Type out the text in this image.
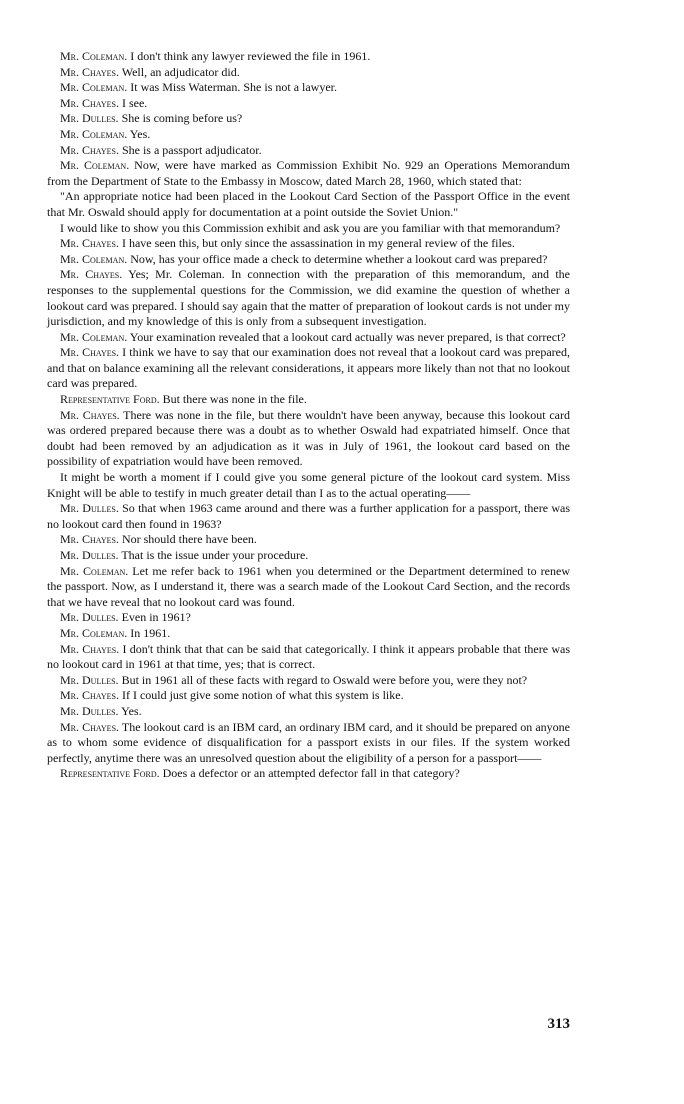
Mr. Coleman. I don't think any lawyer reviewed the file in 1961.

Mr. Chayes. Well, an adjudicator did.

Mr. Coleman. It was Miss Waterman. She is not a lawyer.

Mr. Chayes. I see.

Mr. Dulles. She is coming before us?

Mr. Coleman. Yes.

Mr. Chayes. She is a passport adjudicator.

Mr. Coleman. Now, were have marked as Commission Exhibit No. 929 an Operations Memorandum from the Department of State to the Embassy in Moscow, dated March 28, 1960, which stated that:

"An appropriate notice had been placed in the Lookout Card Section of the Passport Office in the event that Mr. Oswald should apply for documentation at a point outside the Soviet Union."

I would like to show you this Commission exhibit and ask you are you familiar with that memorandum?

Mr. Chayes. I have seen this, but only since the assassination in my general review of the files.

Mr. Coleman. Now, has your office made a check to determine whether a lookout card was prepared?

Mr. Chayes. Yes; Mr. Coleman. In connection with the preparation of this memorandum, and the responses to the supplemental questions for the Commission, we did examine the question of whether a lookout card was prepared. I should say again that the matter of preparation of lookout cards is not under my jurisdiction, and my knowledge of this is only from a subsequent investigation.

Mr. Coleman. Your examination revealed that a lookout card actually was never prepared, is that correct?

Mr. Chayes. I think we have to say that our examination does not reveal that a lookout card was prepared, and that on balance examining all the relevant considerations, it appears more likely than not that no lookout card was prepared.

Representative Ford. But there was none in the file.

Mr. Chayes. There was none in the file, but there wouldn't have been anyway, because this lookout card was ordered prepared because there was a doubt as to whether Oswald had expatriated himself. Once that doubt had been removed by an adjudication as it was in July of 1961, the lookout card based on the possibility of expatriation would have been removed.

It might be worth a moment if I could give you some general picture of the lookout card system. Miss Knight will be able to testify in much greater detail than I as to the actual operating——

Mr. Dulles. So that when 1963 came around and there was a further application for a passport, there was no lookout card then found in 1963?

Mr. Chayes. Nor should there have been.

Mr. Dulles. That is the issue under your procedure.

Mr. Coleman. Let me refer back to 1961 when you determined or the Department determined to renew the passport. Now, as I understand it, there was a search made of the Lookout Card Section, and the records that we have reveal that no lookout card was found.

Mr. Dulles. Even in 1961?

Mr. Coleman. In 1961.

Mr. Chayes. I don't think that that can be said that categorically. I think it appears probable that there was no lookout card in 1961 at that time, yes; that is correct.

Mr. Dulles. But in 1961 all of these facts with regard to Oswald were before you, were they not?

Mr. Chayes. If I could just give some notion of what this system is like.

Mr. Dulles. Yes.

Mr. Chayes. The lookout card is an IBM card, an ordinary IBM card, and it should be prepared on anyone as to whom some evidence of disqualification for a passport exists in our files. If the system worked perfectly, anytime there was an unresolved question about the eligibility of a person for a passport——

Representative Ford. Does a defector or an attempted defector fall in that category?

313
